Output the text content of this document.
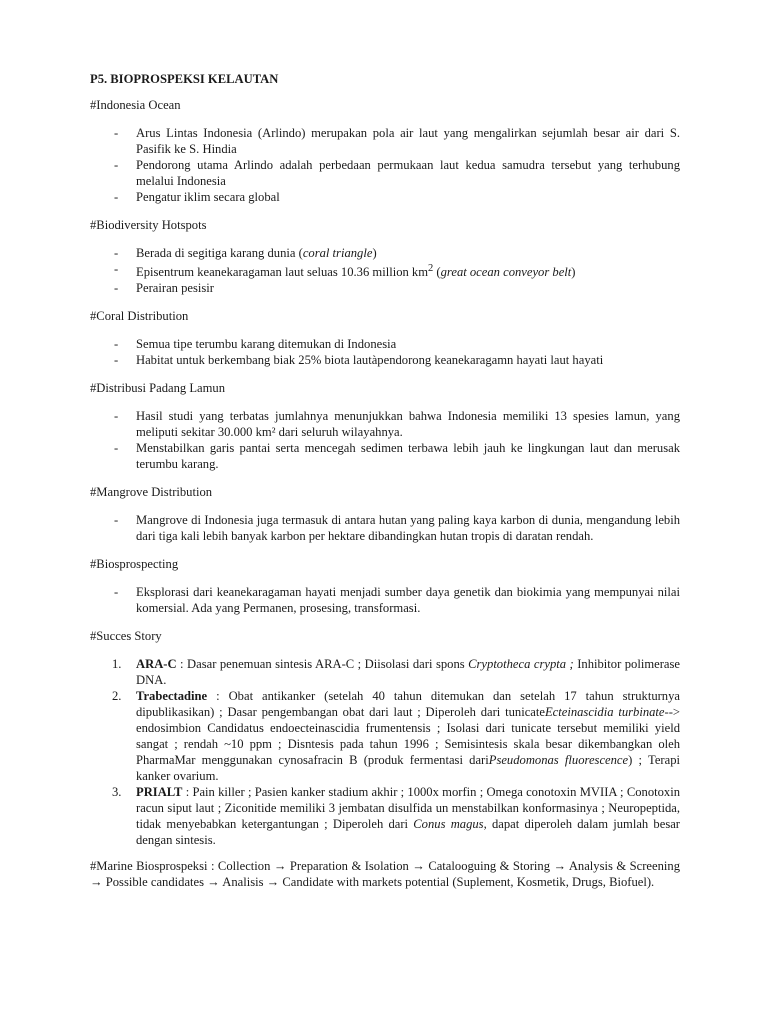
P5. BIOPROSPEKSI KELAUTAN
#Indonesia Ocean
- Arus Lintas Indonesia (Arlindo) merupakan pola air laut yang mengalirkan sejumlah besar air dari S. Pasifik ke S. Hindia
- Pendorong utama Arlindo adalah perbedaan permukaan laut kedua samudra tersebut yang terhubung melalui Indonesia
- Pengatur iklim secara global
#Biodiversity Hotspots
- Berada di segitiga karang dunia (coral triangle)
- Episentrum keanekaragaman laut seluas 10.36 million $km^2$ (great ocean conveyor belt)
- Perairan pesisir
#Coral Distribution
- Semua tipe terumbu karang ditemukan di Indonesia
- Habitat untuk berkembang biak 25% biota lautàpendorong keanekaragamn hayati laut hayati
#Distribusi Padang Lamun
- Hasil studi yang terbatas jumlahnya menunjukkan bahwa Indonesia memiliki 13 spesies lamun, yang meliputi sekitar 30.000 km² dari seluruh wilayahnya.
- Menstabilkan garis pantai serta mencegah sedimen terbawa lebih jauh ke lingkungan laut dan merusak terumbu karang.
#Mangrove Distribution
- Mangrove di Indonesia juga termasuk di antara hutan yang paling kaya karbon di dunia, mengandung lebih dari tiga kali lebih banyak karbon per hektare dibandingkan hutan tropis di daratan rendah.
#Biosprospecting
- Eksplorasi dari keanekaragaman hayati menjadi sumber daya genetik dan biokimia yang mempunyai nilai komersial. Ada yang Permanen, prosesing, transformasi.
#Succes Story
1. ARA-C : Dasar penemuan sintesis ARA-C ; Diisolasi dari spons Cryptotheca crypta ; Inhibitor polimerase DNA.
2. Trabectadine : Obat antikanker (setelah 40 tahun ditemukan dan setelah 17 tahun strukturnya dipublikasikan) ; Dasar pengembangan obat dari laut ; Diperoleh dari tunicateEcteinascidia turbinate--> endosimbion Candidatus endoecteinascidia frumentensis ; Isolasi dari tunicate tersebut memiliki yield sangat ; rendah ~10 ppm ; Disntesis pada tahun 1996 ; Semisintesis skala besar dikembangkan oleh PharmaMar menggunakan cynosafracin B (produk fermentasi dariPseudomonas fluorescence) ; Terapi kanker ovarium.
3. PRIALT : Pain killer ; Pasien kanker stadium akhir ; 1000x morfin ; Omega conotoxin MVIIA ; Conotoxin racun siput laut ; Ziconitide memiliki 3 jembatan disulfida un menstabilkan konformasinya ; Neuropeptida, tidak menyebabkan ketergantungan ; Diperoleh dari Conus magus, dapat diperoleh dalam jumlah besar dengan sintesis.

#Marine Biosprospeksi : Collection → Preparation & Isolation → Catalooguing & Storing → Analysis & Screening → Possible candidates → Analisis → Candidate with markets potential (Suplement, Kosmetik, Drugs, Biofuel).
